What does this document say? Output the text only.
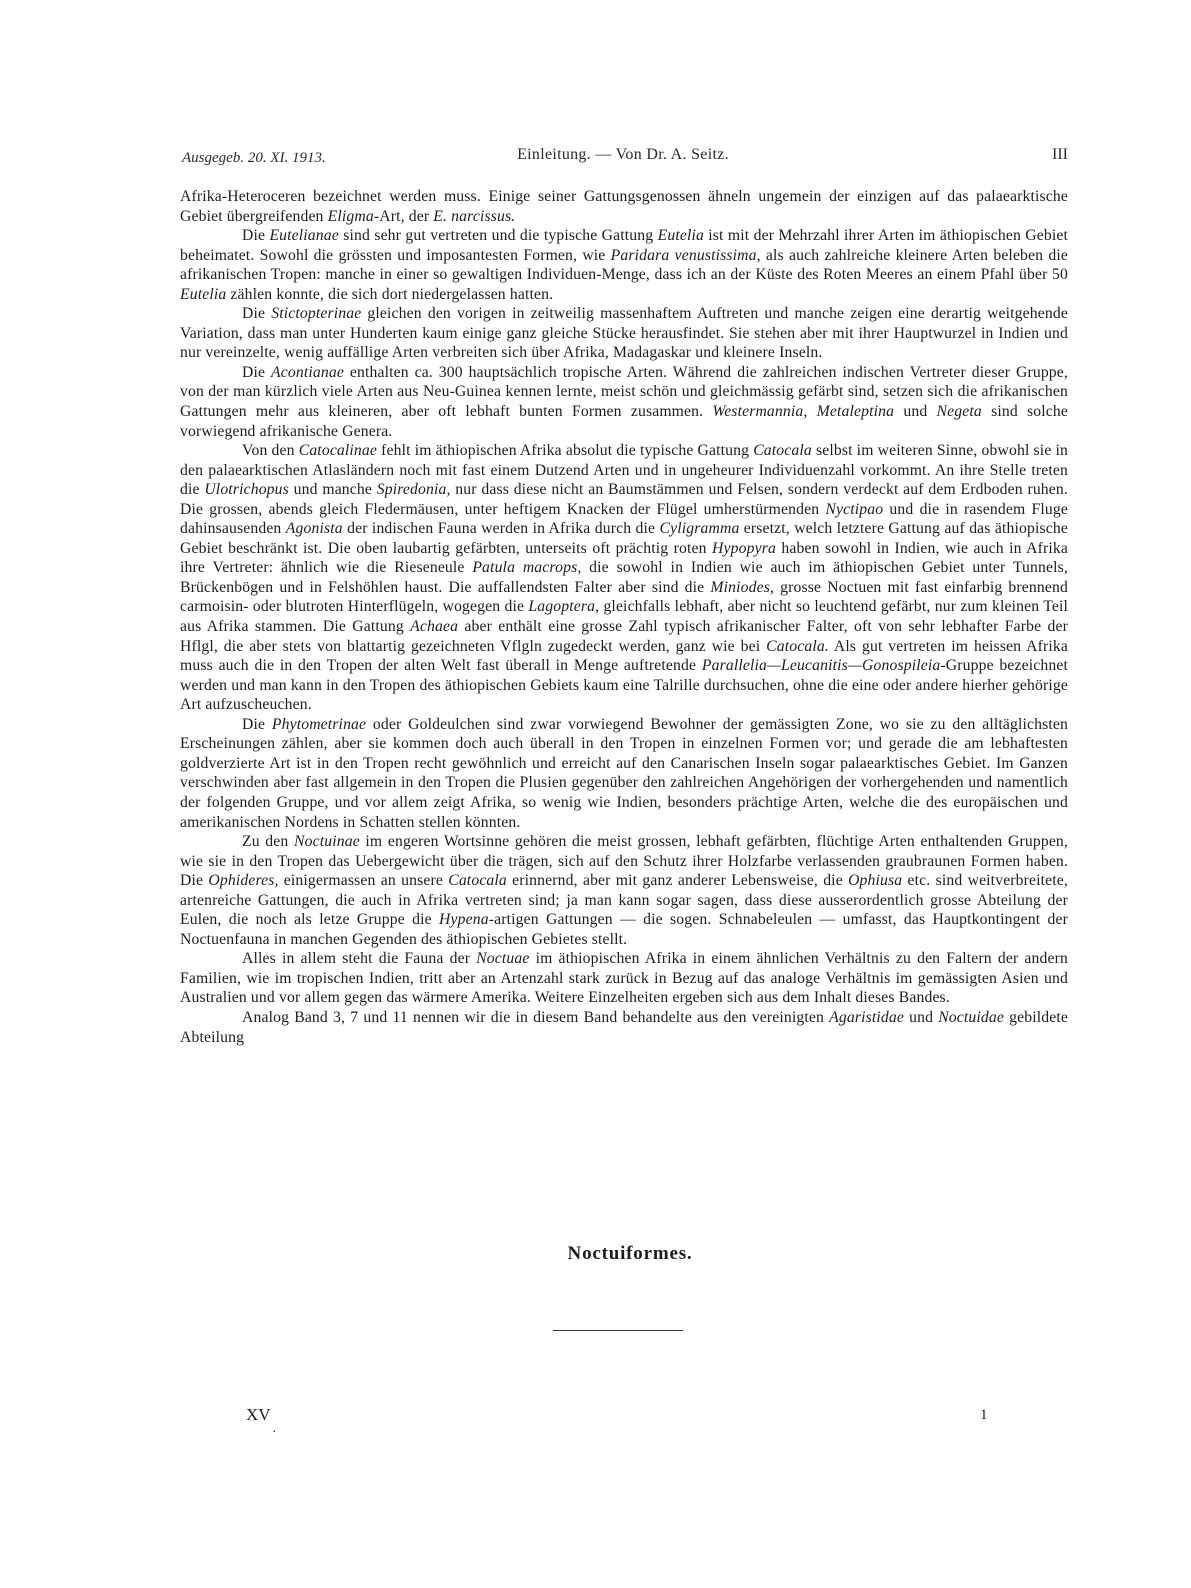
Ausgegeb. 20. XI. 1913.	Einleitung. — Von Dr. A. Seitz.	III

Afrika-Heteroceren bezeichnet werden muss. Einige seiner Gattungsgenossen ähneln ungemein der einzigen auf das palaearktische Gebiet übergreifenden Eligma-Art, der E. narcissus.

Die Eutelianae sind sehr gut vertreten und die typische Gattung Eutelia ist mit der Mehrzahl ihrer Arten im äthiopischen Gebiet beheimatet. Sowohl die grössten und imposantesten Formen, wie Paridara venustissima, als auch zahlreiche kleinere Arten beleben die afrikanischen Tropen: manche in einer so gewaltigen Individuen-Menge, dass ich an der Küste des Roten Meeres an einem Pfahl über 50 Eutelia zählen konnte, die sich dort niedergelassen hatten.

Die Stictopterinae gleichen den vorigen in zeitweilig massenhaftem Auftreten und manche zeigen eine derartig weitgehende Variation, dass man unter Hunderten kaum einige ganz gleiche Stücke herausfindet. Sie stehen aber mit ihrer Hauptwurzel in Indien und nur vereinzelte, wenig auffällige Arten verbreiten sich über Afrika, Madagaskar und kleinere Inseln.

Die Acontianae enthalten ca. 300 hauptsächlich tropische Arten. Während die zahlreichen indischen Vertreter dieser Gruppe, von der man kürzlich viele Arten aus Neu-Guinea kennen lernte, meist schön und gleichmässig gefärbt sind, setzen sich die afrikanischen Gattungen mehr aus kleineren, aber oft lebhaft bunten Formen zusammen. Westermannia, Metaleptina und Negeta sind solche vorwiegend afrikanische Genera.

Von den Catocalinae fehlt im äthiopischen Afrika absolut die typische Gattung Catocala selbst im weiteren Sinne, obwohl sie in den palaearktischen Atlasländern noch mit fast einem Dutzend Arten und in ungeheurer Individuenzahl vorkommt. An ihre Stelle treten die Ulotrichopus und manche Spiredonia, nur dass diese nicht an Baumstämmen und Felsen, sondern verdeckt auf dem Erdboden ruhen. Die grossen, abends gleich Fledermäusen, unter heftigem Knacken der Flügel umherstürmenden Nyctipao und die in rasendem Fluge dahinsausenden Agonista der indischen Fauna werden in Afrika durch die Cyligramma ersetzt, welch letztere Gattung auf das äthiopische Gebiet beschränkt ist. Die oben laubartig gefärbten, unterseits oft prächtig roten Hypopyra haben sowohl in Indien, wie auch in Afrika ihre Vertreter: ähnlich wie die Rieseneule Patula macrops, die sowohl in Indien wie auch im äthiopischen Gebiet unter Tunnels, Brückenbögen und in Felshöhlen haust. Die auffallendsten Falter aber sind die Miniodes, grosse Noctuen mit fast einfarbig brennend carmoisin- oder blutroten Hinterflügeln, wogegen die Lagoptera, gleichfalls lebhaft, aber nicht so leuchtend gefärbt, nur zum kleinen Teil aus Afrika stammen. Die Gattung Achaea aber enthält eine grosse Zahl typisch afrikanischer Falter, oft von sehr lebhafter Farbe der Hflgl, die aber stets von blattartig gezeichneten Vflgln zugedeckt werden, ganz wie bei Catocala. Als gut vertreten im heissen Afrika muss auch die in den Tropen der alten Welt fast überall in Menge auftretende Parallelia—Leucanitis—Gonospileia-Gruppe bezeichnet werden und man kann in den Tropen des äthiopischen Gebiets kaum eine Talrille durchsuchen, ohne die eine oder andere hierher gehörige Art aufzuscheuchen.

Die Phytometrinae oder Goldeulchen sind zwar vorwiegend Bewohner der gemässigten Zone, wo sie zu den alltäglichsten Erscheinungen zählen, aber sie kommen doch auch überall in den Tropen in einzelnen Formen vor; und gerade die am lebhaftesten goldverzierte Art ist in den Tropen recht gewöhnlich und erreicht auf den Canarischen Inseln sogar palaearktisches Gebiet. Im Ganzen verschwinden aber fast allgemein in den Tropen die Plusien gegenüber den zahlreichen Angehörigen der vorhergehenden und namentlich der folgenden Gruppe, und vor allem zeigt Afrika, so wenig wie Indien, besonders prächtige Arten, welche die des europäischen und amerikanischen Nordens in Schatten stellen könnten.

Zu den Noctuinae im engeren Wortsinne gehören die meist grossen, lebhaft gefärbten, flüchtige Arten enthaltenden Gruppen, wie sie in den Tropen das Uebergewicht über die trägen, sich auf den Schutz ihrer Holzfarbe verlassenden graubraunen Formen haben. Die Ophideres, einigermassen an unsere Catocala erinnernd, aber mit ganz anderer Lebensweise, die Ophiusa etc. sind weitverbreitete, artenreiche Gattungen, die auch in Afrika vertreten sind; ja man kann sogar sagen, dass diese ausserordentlich grosse Abteilung der Eulen, die noch als letze Gruppe die Hypena-artigen Gattungen — die sogen. Schnabeleulen — umfasst, das Hauptkontingent der Noctuenfauna in manchen Gegenden des äthiopischen Gebietes stellt.

Alles in allem steht die Fauna der Noctuae im äthiopischen Afrika in einem ähnlichen Verhältnis zu den Faltern der andern Familien, wie im tropischen Indien, tritt aber an Artenzahl stark zurück in Bezug auf das analoge Verhältnis im gemässigten Asien und Australien und vor allem gegen das wärmere Amerika. Weitere Einzelheiten ergeben sich aus dem Inhalt dieses Bandes.

Analog Band 3, 7 und 11 nennen wir die in diesem Band behandelte aus den vereinigten Agaristidae und Noctuidae gebildete Abteilung

Noctuiformes.
XV
·
1
